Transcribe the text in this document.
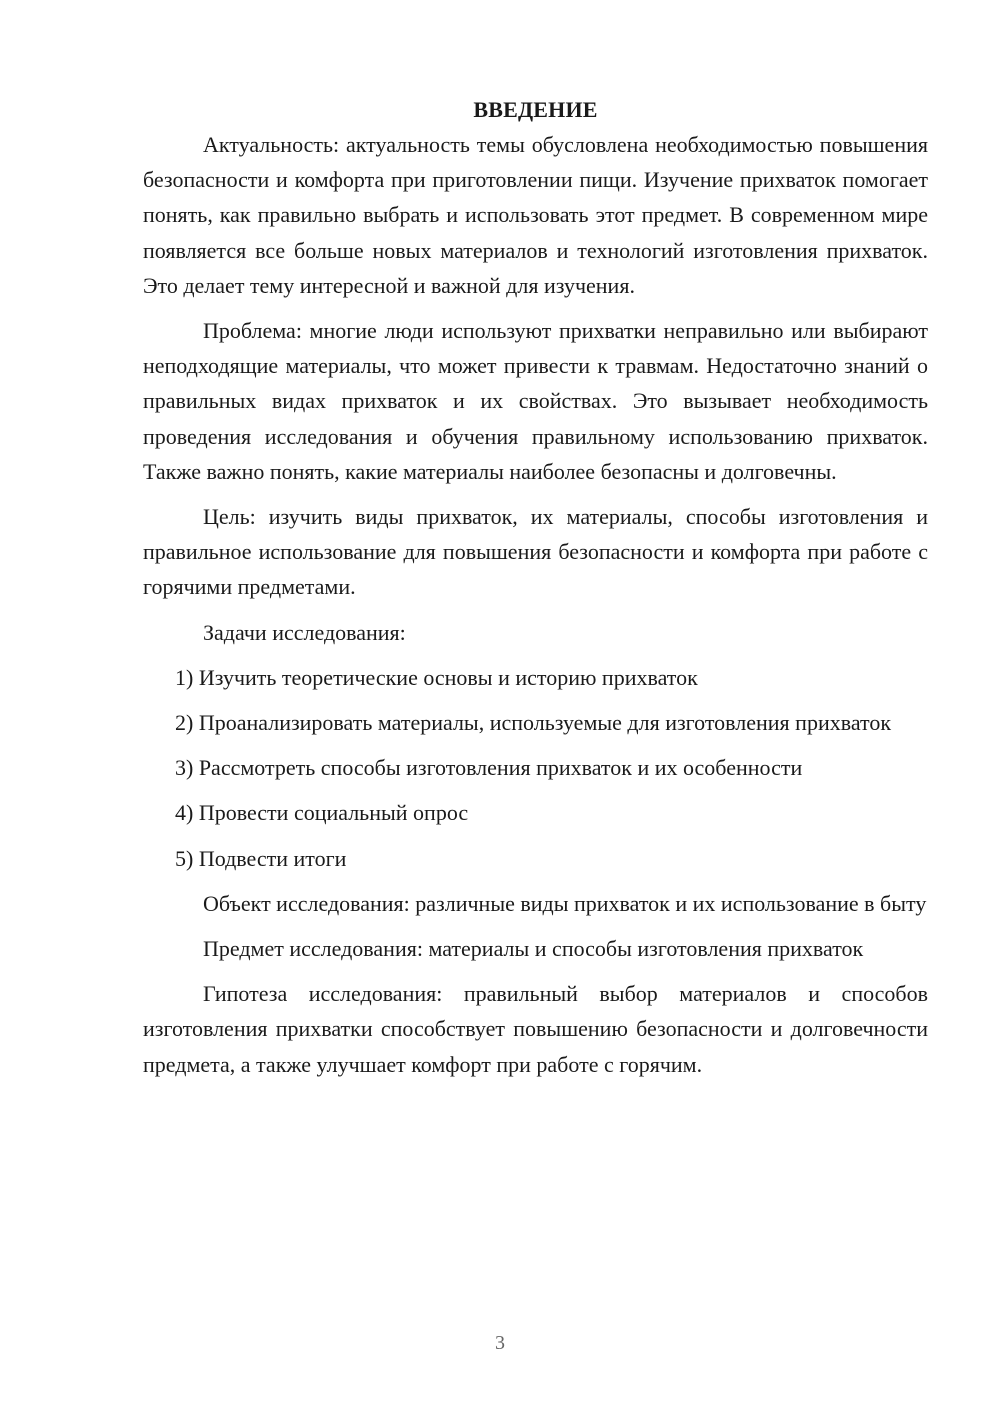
ВВЕДЕНИЕ

Актуальность: актуальность темы обусловлена необходимостью повышения безопасности и комфорта при приготовлении пищи. Изучение прихваток помогает понять, как правильно выбрать и использовать этот предмет. В современном мире появляется все больше новых материалов и технологий изготовления прихваток. Это делает тему интересной и важной для изучения.

Проблема: многие люди используют прихватки неправильно или выбирают неподходящие материалы, что может привести к травмам. Недостаточно знаний о правильных видах прихваток и их свойствах. Это вызывает необходимость проведения исследования и обучения правильному использованию прихваток. Также важно понять, какие материалы наиболее безопасны и долговечны.

Цель: изучить виды прихваток, их материалы, способы изготовления и правильное использование для повышения безопасности и комфорта при работе с горячими предметами.

Задачи исследования:

1) Изучить теоретические основы и историю прихваток

2) Проанализировать материалы, используемые для изготовления прихваток

3) Рассмотреть способы изготовления прихваток и их особенности

4) Провести социальный опрос

5) Подвести итоги

Объект исследования: различные виды прихваток и их использование в быту

Предмет исследования: материалы и способы изготовления прихваток

Гипотеза исследования: правильный выбор материалов и способов изготовления прихватки способствует повышению безопасности и долговечности предмета, а также улучшает комфорт при работе с горячим.

3
